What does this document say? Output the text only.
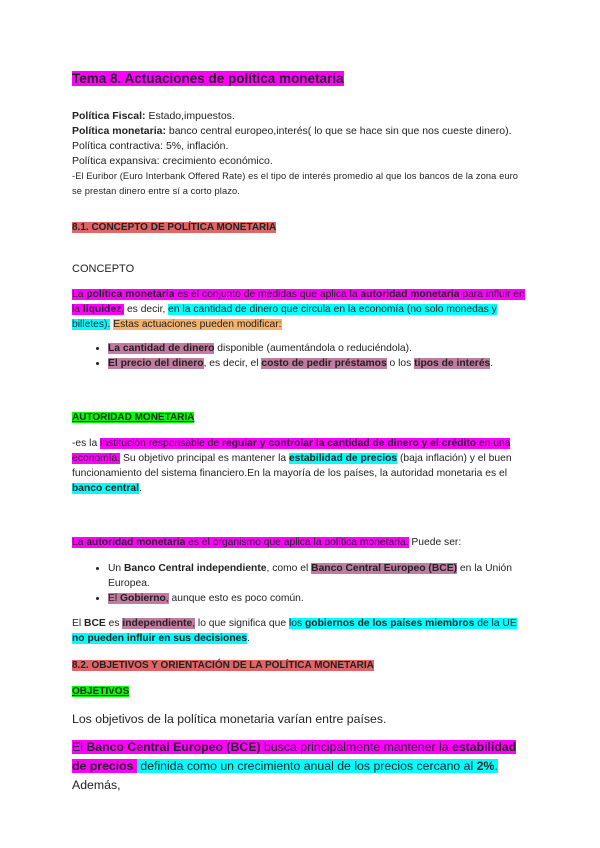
Tema 8. Actuaciones de política monetaria
Política Fiscal: Estado,impuestos.
Política monetaria: banco central europeo,interés( lo que se hace sin que nos cueste dinero).
Política contractiva: 5%, inflación.
Política expansiva: crecimiento económico.
-El Euribor (Euro Interbank Offered Rate) es el tipo de interés promedio al que los bancos de la zona euro se prestan dinero entre sí a corto plazo.
8.1. CONCEPTO DE POLÍTICA MONETARIA
CONCEPTO
La política monetaria es el conjunto de medidas que aplica la autoridad monetaria para influir en la liquidez, es decir, en la cantidad de dinero que circula en la economía (no solo monedas y billetes). Estas actuaciones pueden modificar:
• La cantidad de dinero disponible (aumentándola o reduciéndola).
• El precio del dinero, es decir, el costo de pedir préstamos o los tipos de interés.
AUTORIDAD MONETARIA
-es la institución responsable de regular y controlar la cantidad de dinero y el crédito en una economía. Su objetivo principal es mantener la estabilidad de precios (baja inflación) y el buen funcionamiento del sistema financiero.En la mayoría de los países, la autoridad monetaria es el banco central.
La autoridad monetaria es el organismo que aplica la política monetaria. Puede ser:
• Un Banco Central independiente, como el Banco Central Europeo (BCE) en la Unión Europea.
• El Gobierno, aunque esto es poco común.
El BCE es independiente, lo que significa que los gobiernos de los países miembros de la UE no pueden influir en sus decisiones.
8.2. OBJETIVOS Y ORIENTACIÓN DE LA POLÍTICA MONETARIA
OBJETIVOS
Los objetivos de la política monetaria varían entre países.
El Banco Central Europeo (BCE) busca principalmente mantener la estabilidad de precios, definida como un crecimiento anual de los precios cercano al 2%. Además,
